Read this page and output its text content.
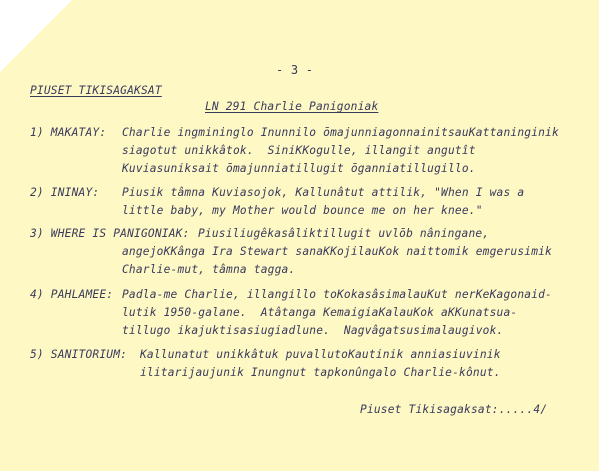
- 3 -
PIUSET TIKISAGAKSAT
LN 291 Charlie Panigoniak
1) MAKATAY: Charlie ingmininglo Inunnilo ōmajunniagonnainitsauKattaninginik
siagotut unikkâtok.  SiniKKogulle, illangit angutît
Kuviasuniksait ōmajunniatillugit ōganniatillugillo.
2) ININAY: Piusik tâmna Kuviasojok, Kallunâtut attilik, "When I was a
little baby, my Mother would bounce me on her knee."
3) WHERE IS PANIGONIAK: Piusiliugêkasâliktillugit uvlōb nâningane,
angejoKKânga Ira Stewart sanaKKojilauKok naittomik emgerusimik
Charlie-mut, tâmna tagga.
4) PAHLAMEE: Padla-me Charlie, illangillo toKokasâsimalauKut nerKeKagonaid-
lutik 1950-galane.  Atâtanga KemaigiaKalauKok aKKunatsua-
tillugo ikajuktisasiugiadlune.  Nagvâgatsusimalaugivok.
5) SANITORIUM: Kallunatut unikkâtuk puvallutoKautinik anniasiuvinik
ilitarijaujunik Inungnut tapkonûngalo Charlie-kônut.
Piuset Tikisagaksat:.....4/
